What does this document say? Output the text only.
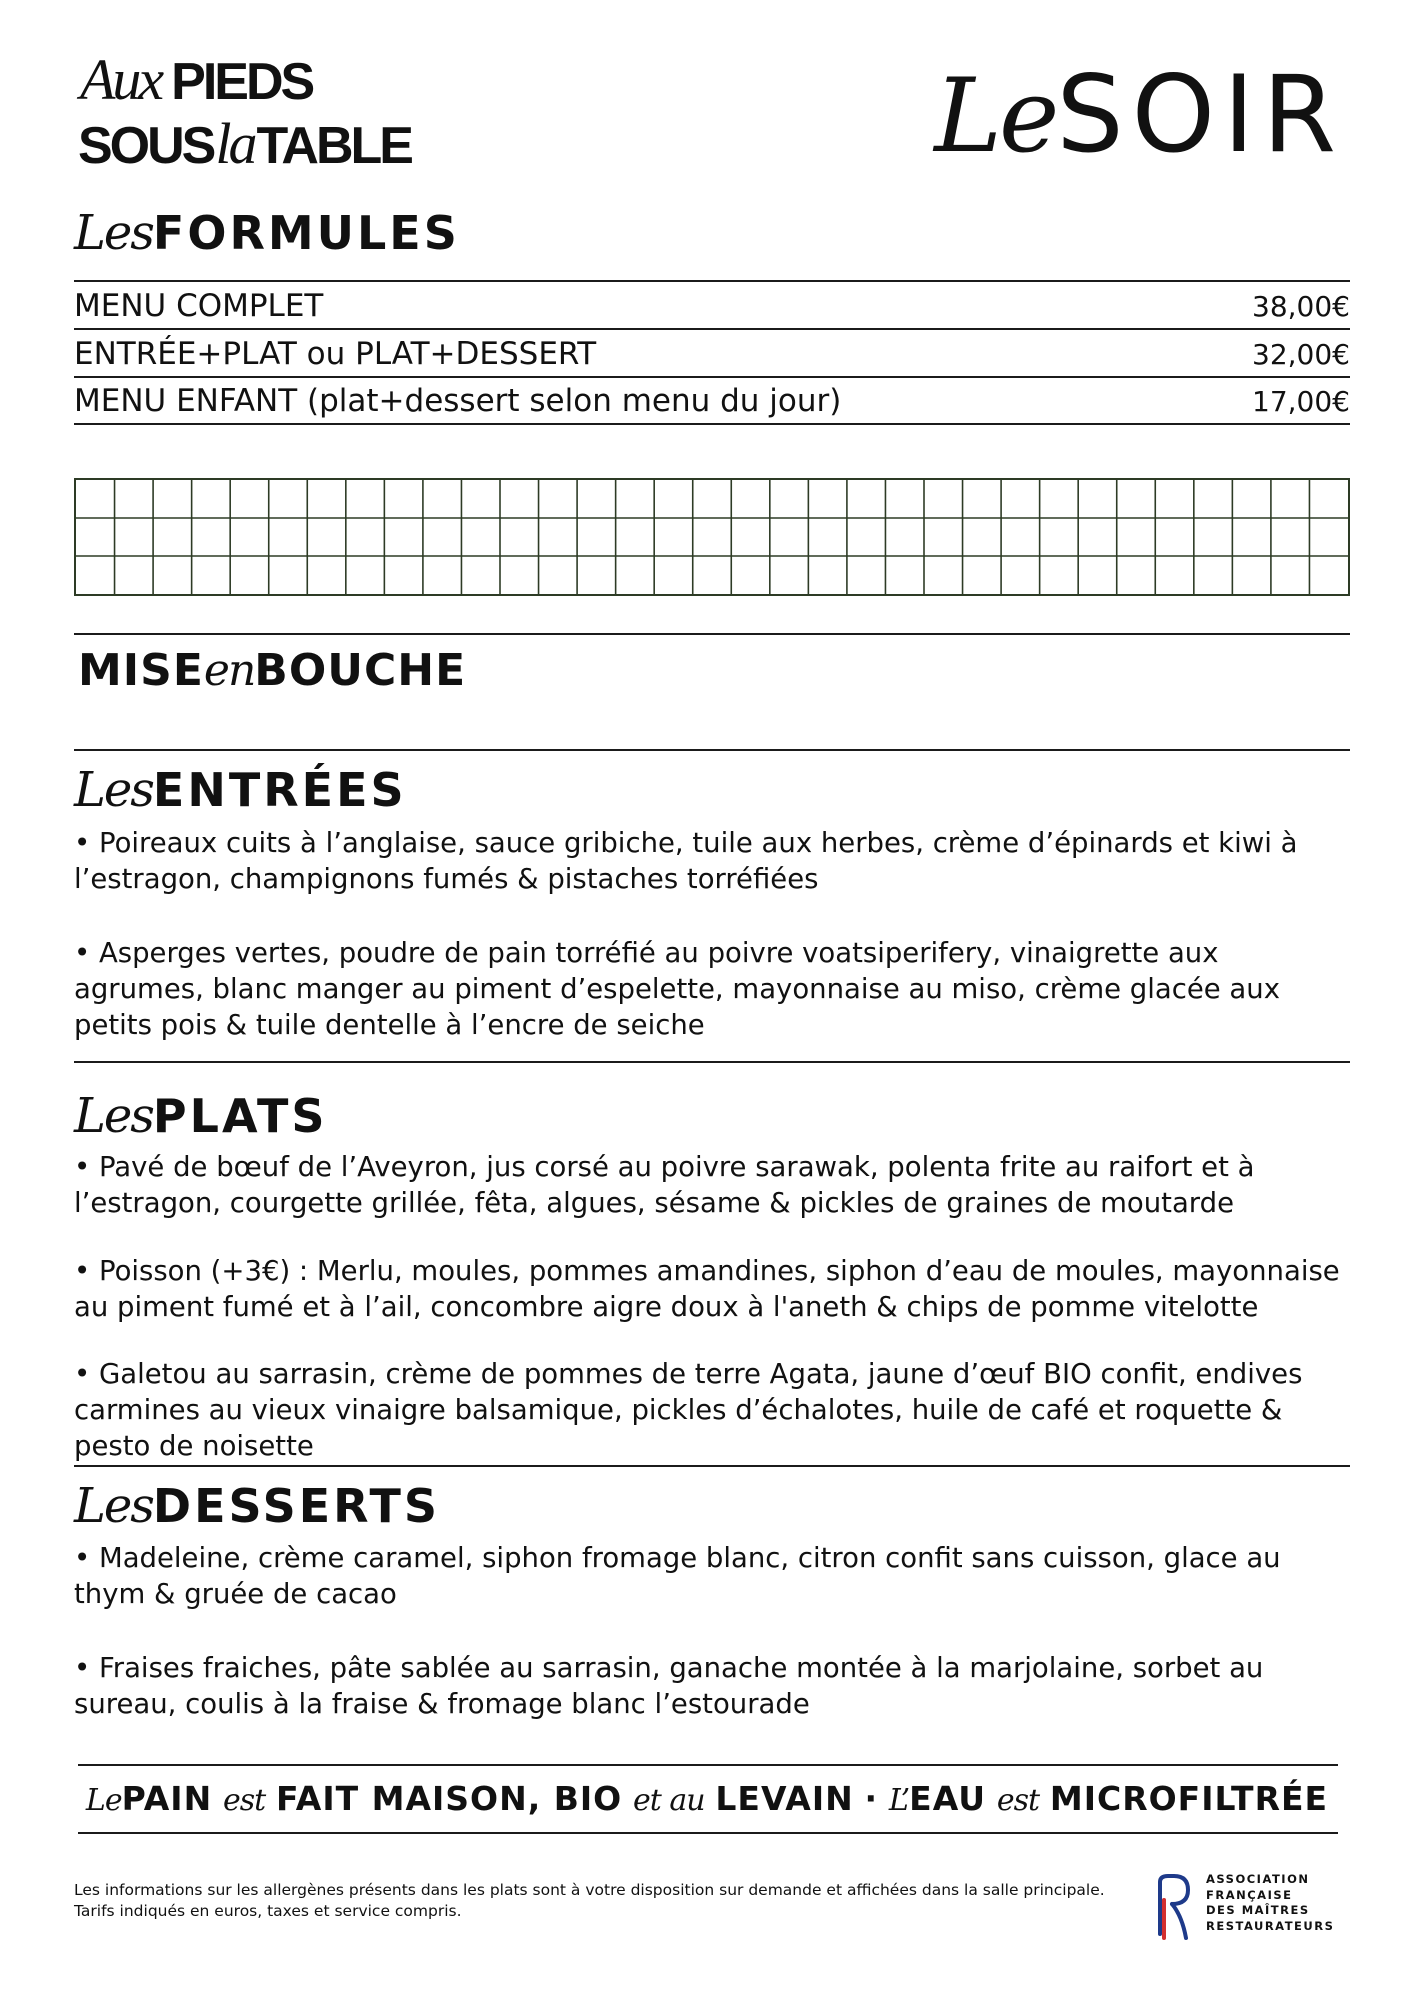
Aux PIEDS
SOUSlaTABLE	LeSOIR
LesFORMULES
MENU COMPLET	38,00€
ENTRÉE+PLAT ou PLAT+DESSERT	32,00€
MENU ENFANT (plat+dessert selon menu du jour)	17,00€
MISEenBOUCHE
LesENTRÉES
• Poireaux cuits à l’anglaise, sauce gribiche, tuile aux herbes, crème d’épinards et kiwi à l’estragon, champignons fumés & pistaches torréfiées
• Asperges vertes, poudre de pain torréfié au poivre voatsiperifery, vinaigrette aux agrumes, blanc manger au piment d’espelette, mayonnaise au miso, crème glacée aux petits pois & tuile dentelle à l’encre de seiche
LesPLATS
• Pavé de bœuf de l’Aveyron, jus corsé au poivre sarawak, polenta frite au raifort et à l’estragon, courgette grillée, fêta, algues, sésame & pickles de graines de moutarde
• Poisson (+3€) : Merlu, moules, pommes amandines, siphon d’eau de moules, mayonnaise au piment fumé et à l’ail, concombre aigre doux à l'aneth & chips de pomme vitelotte
• Galetou au sarrasin, crème de pommes de terre Agata, jaune d’œuf BIO confit, endives carmines au vieux vinaigre balsamique, pickles d’échalotes, huile de café et roquette & pesto de noisette
LesDESSERTS
• Madeleine, crème caramel, siphon fromage blanc, citron confit sans cuisson, glace au thym & gruée de cacao
• Fraises fraiches, pâte sablée au sarrasin, ganache montée à la marjolaine, sorbet au sureau, coulis à la fraise & fromage blanc l’estourade
LePAIN est FAIT MAISON, BIO et au LEVAIN · L’EAU est MICROFILTRÉE
Les informations sur les allergènes présents dans les plats sont à votre disposition sur demande et affichées dans la salle principale.
Tarifs indiqués en euros, taxes et service compris.
ASSOCIATION
FRANÇAISE
DES MAÎTRES
RESTAURATEURS
